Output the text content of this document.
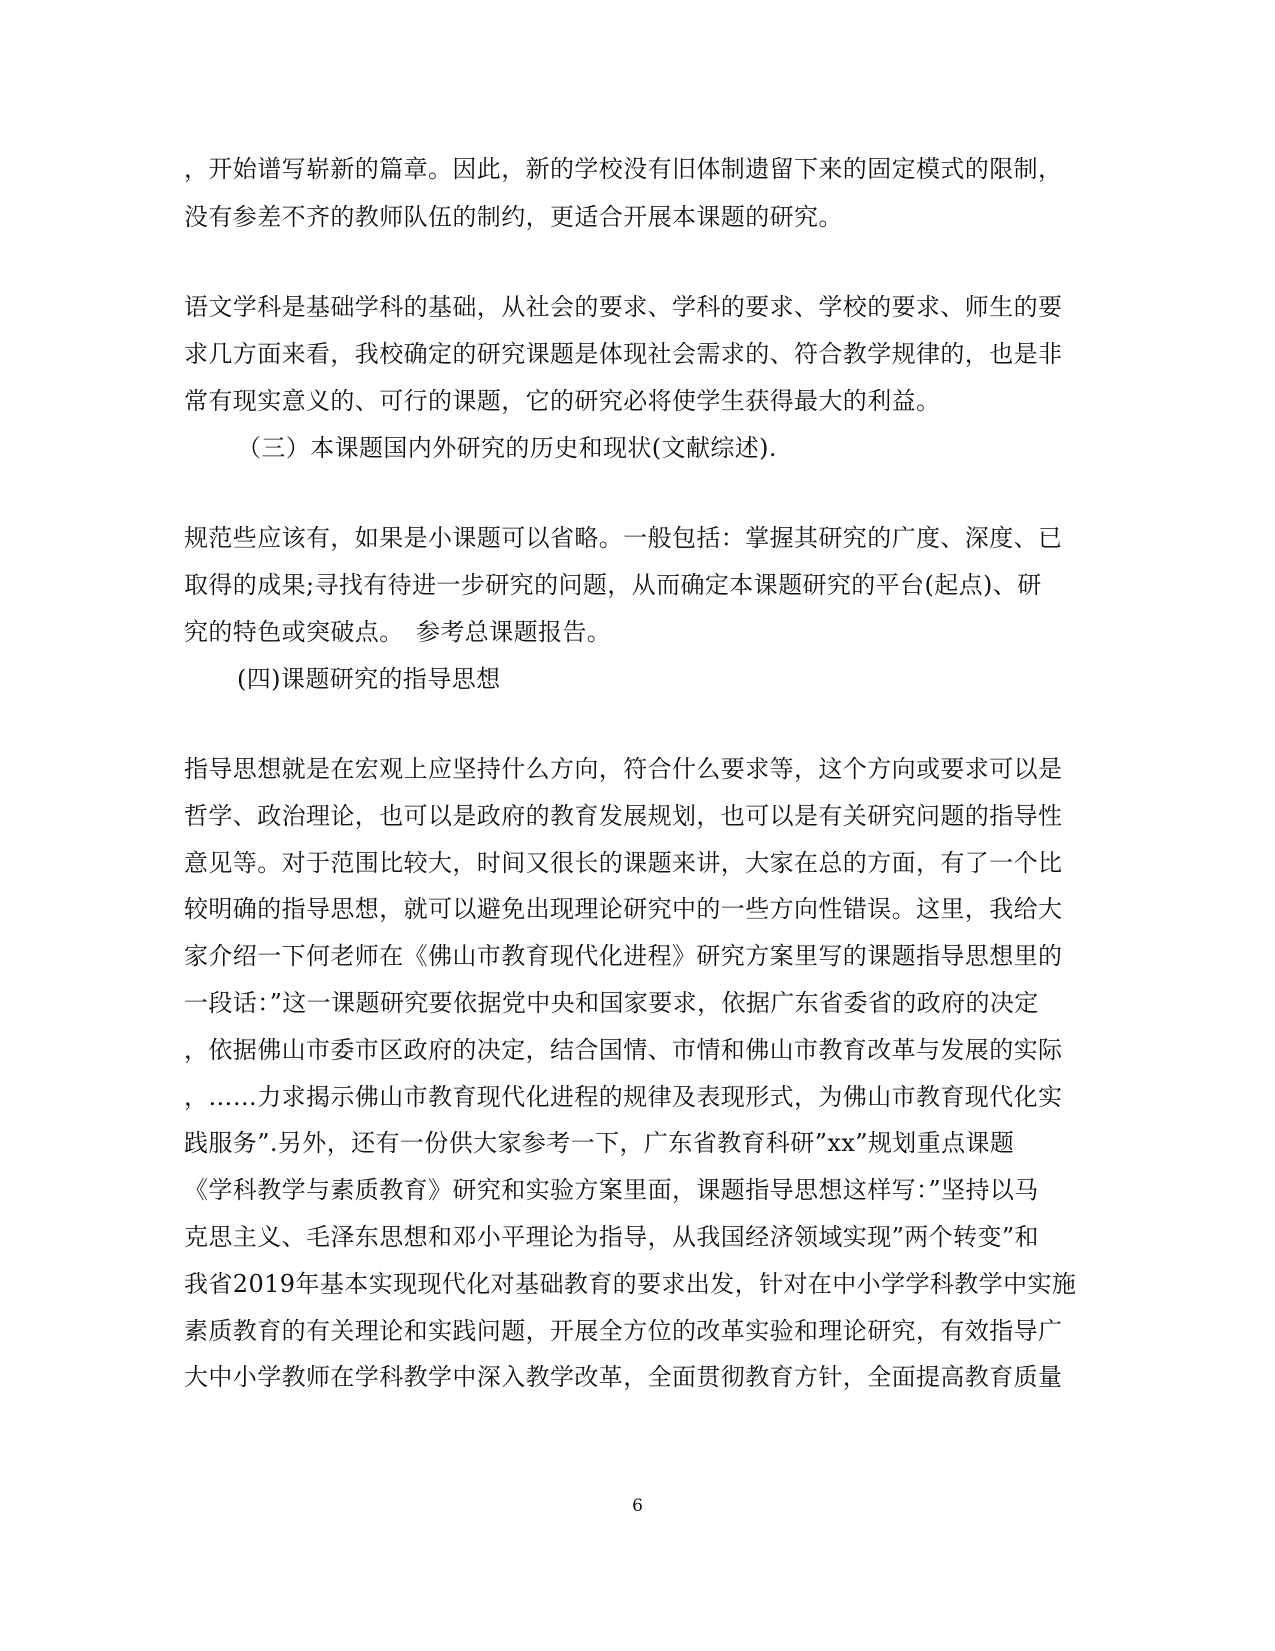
，开始谱写崭新的篇章。因此，新的学校没有旧体制遗留下来的固定模式的限制，
没有参差不齐的教师队伍的制约，更适合开展本课题的研究。
语文学科是基础学科的基础，从社会的要求、学科的要求、学校的要求、师生的要
求几方面来看，我校确定的研究课题是体现社会需求的、符合教学规律的，也是非
常有现实意义的、可行的课题，它的研究必将使学生获得最大的利益。
（三）本课题国内外研究的历史和现状(文献综述).
规范些应该有，如果是小课题可以省略。一般包括：掌握其研究的广度、深度、已
取得的成果;寻找有待进一步研究的问题，从而确定本课题研究的平台(起点)、研
究的特色或突破点。　参考总课题报告。
(四)课题研究的指导思想
指导思想就是在宏观上应坚持什么方向，符合什么要求等，这个方向或要求可以是
哲学、政治理论，也可以是政府的教育发展规划，也可以是有关研究问题的指导性
意见等。对于范围比较大，时间又很长的课题来讲，大家在总的方面，有了一个比
较明确的指导思想，就可以避免出现理论研究中的一些方向性错误。这里，我给大
家介绍一下何老师在《佛山市教育现代化进程》研究方案里写的课题指导思想里的
一段话：”这一课题研究要依据党中央和国家要求，依据广东省委省的政府的决定
，依据佛山市委市区政府的决定，结合国情、市情和佛山市教育改革与发展的实际
，……力求揭示佛山市教育现代化进程的规律及表现形式，为佛山市教育现代化实
践服务”.另外，还有一份供大家参考一下，广东省教育科研”xx”规划重点课题
《学科教学与素质教育》研究和实验方案里面，课题指导思想这样写：”坚持以马
克思主义、毛泽东思想和邓小平理论为指导，从我国经济领域实现”两个转变”和
我省2019年基本实现现代化对基础教育的要求出发，针对在中小学学科教学中实施
素质教育的有关理论和实践问题，开展全方位的改革实验和理论研究，有效指导广
大中小学教师在学科教学中深入教学改革，全面贯彻教育方针，全面提高教育质量
6
